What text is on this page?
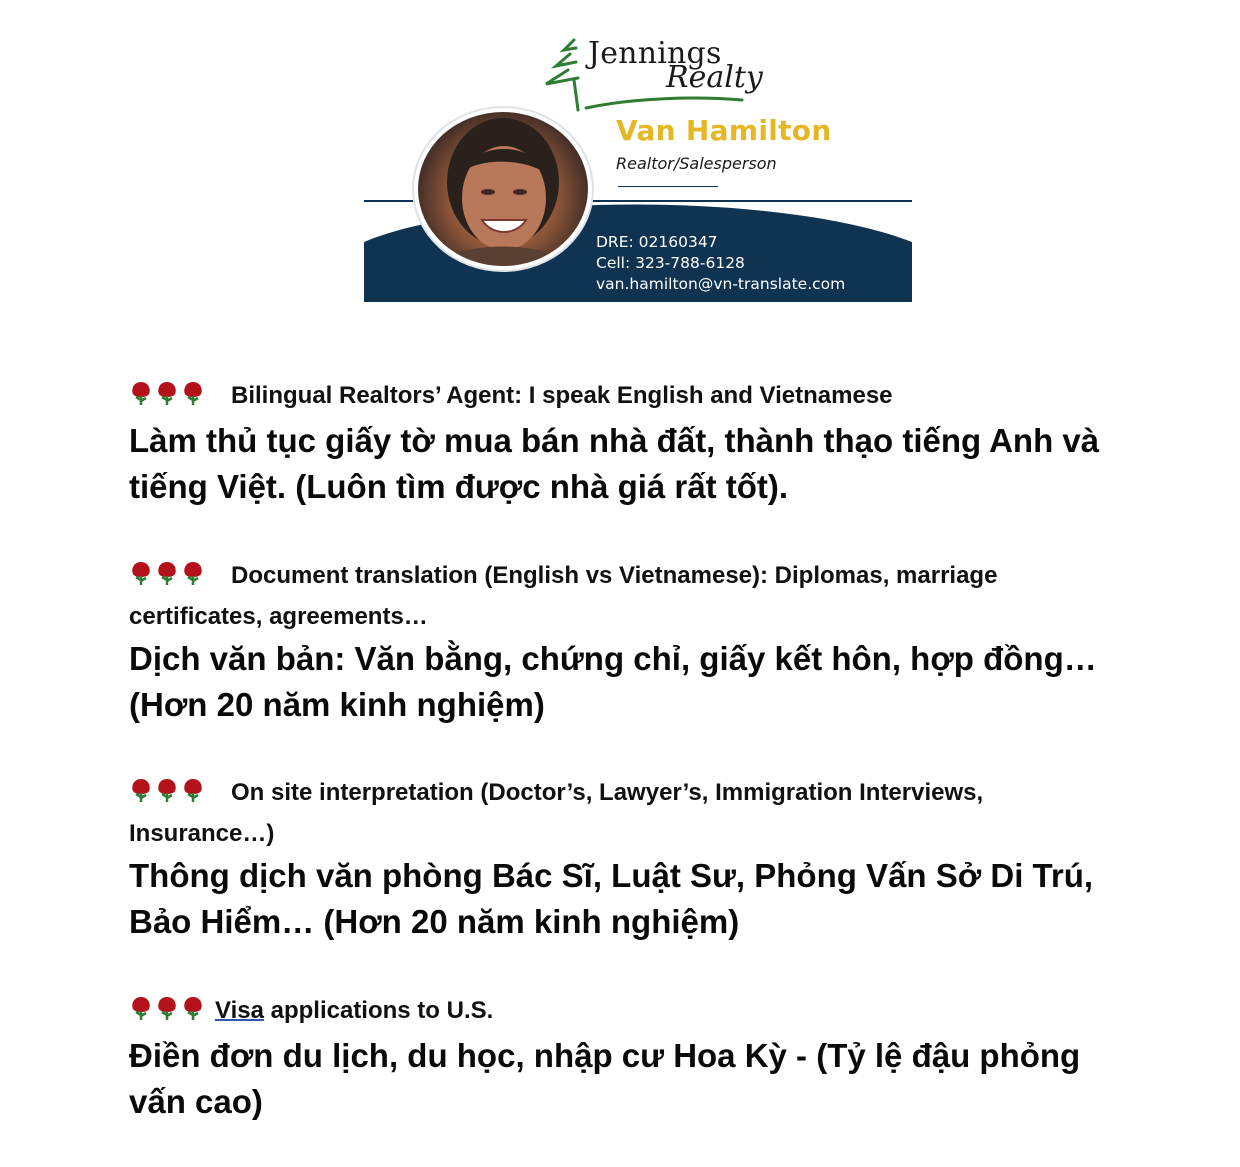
Jennings
Realty
Van Hamilton
Realtor/Salesperson
DRE: 02160347
Cell: 323-788-6128
van.hamilton@vn-translate.com
Bilingual Realtors’ Agent: I speak English and Vietnamese
Làm thủ tục giấy tờ mua bán nhà đất, thành thạo tiếng Anh và
tiếng Việt. (Luôn tìm được nhà giá rất tốt).
Document translation (English vs Vietnamese): Diplomas, marriage
certificates, agreements…
Dịch văn bản: Văn bằng, chứng chỉ, giấy kết hôn, hợp đồng…
(Hơn 20 năm kinh nghiệm)
On site interpretation (Doctor’s, Lawyer’s, Immigration Interviews,
Insurance…)
Thông dịch văn phòng Bác Sĩ, Luật Sư, Phỏng Vấn Sở Di Trú,
Bảo Hiểm… (Hơn 20 năm kinh nghiệm)
Visa applications to U.S.
Điền đơn du lịch, du học, nhập cư Hoa Kỳ - (Tỷ lệ đậu phỏng
vấn cao)
